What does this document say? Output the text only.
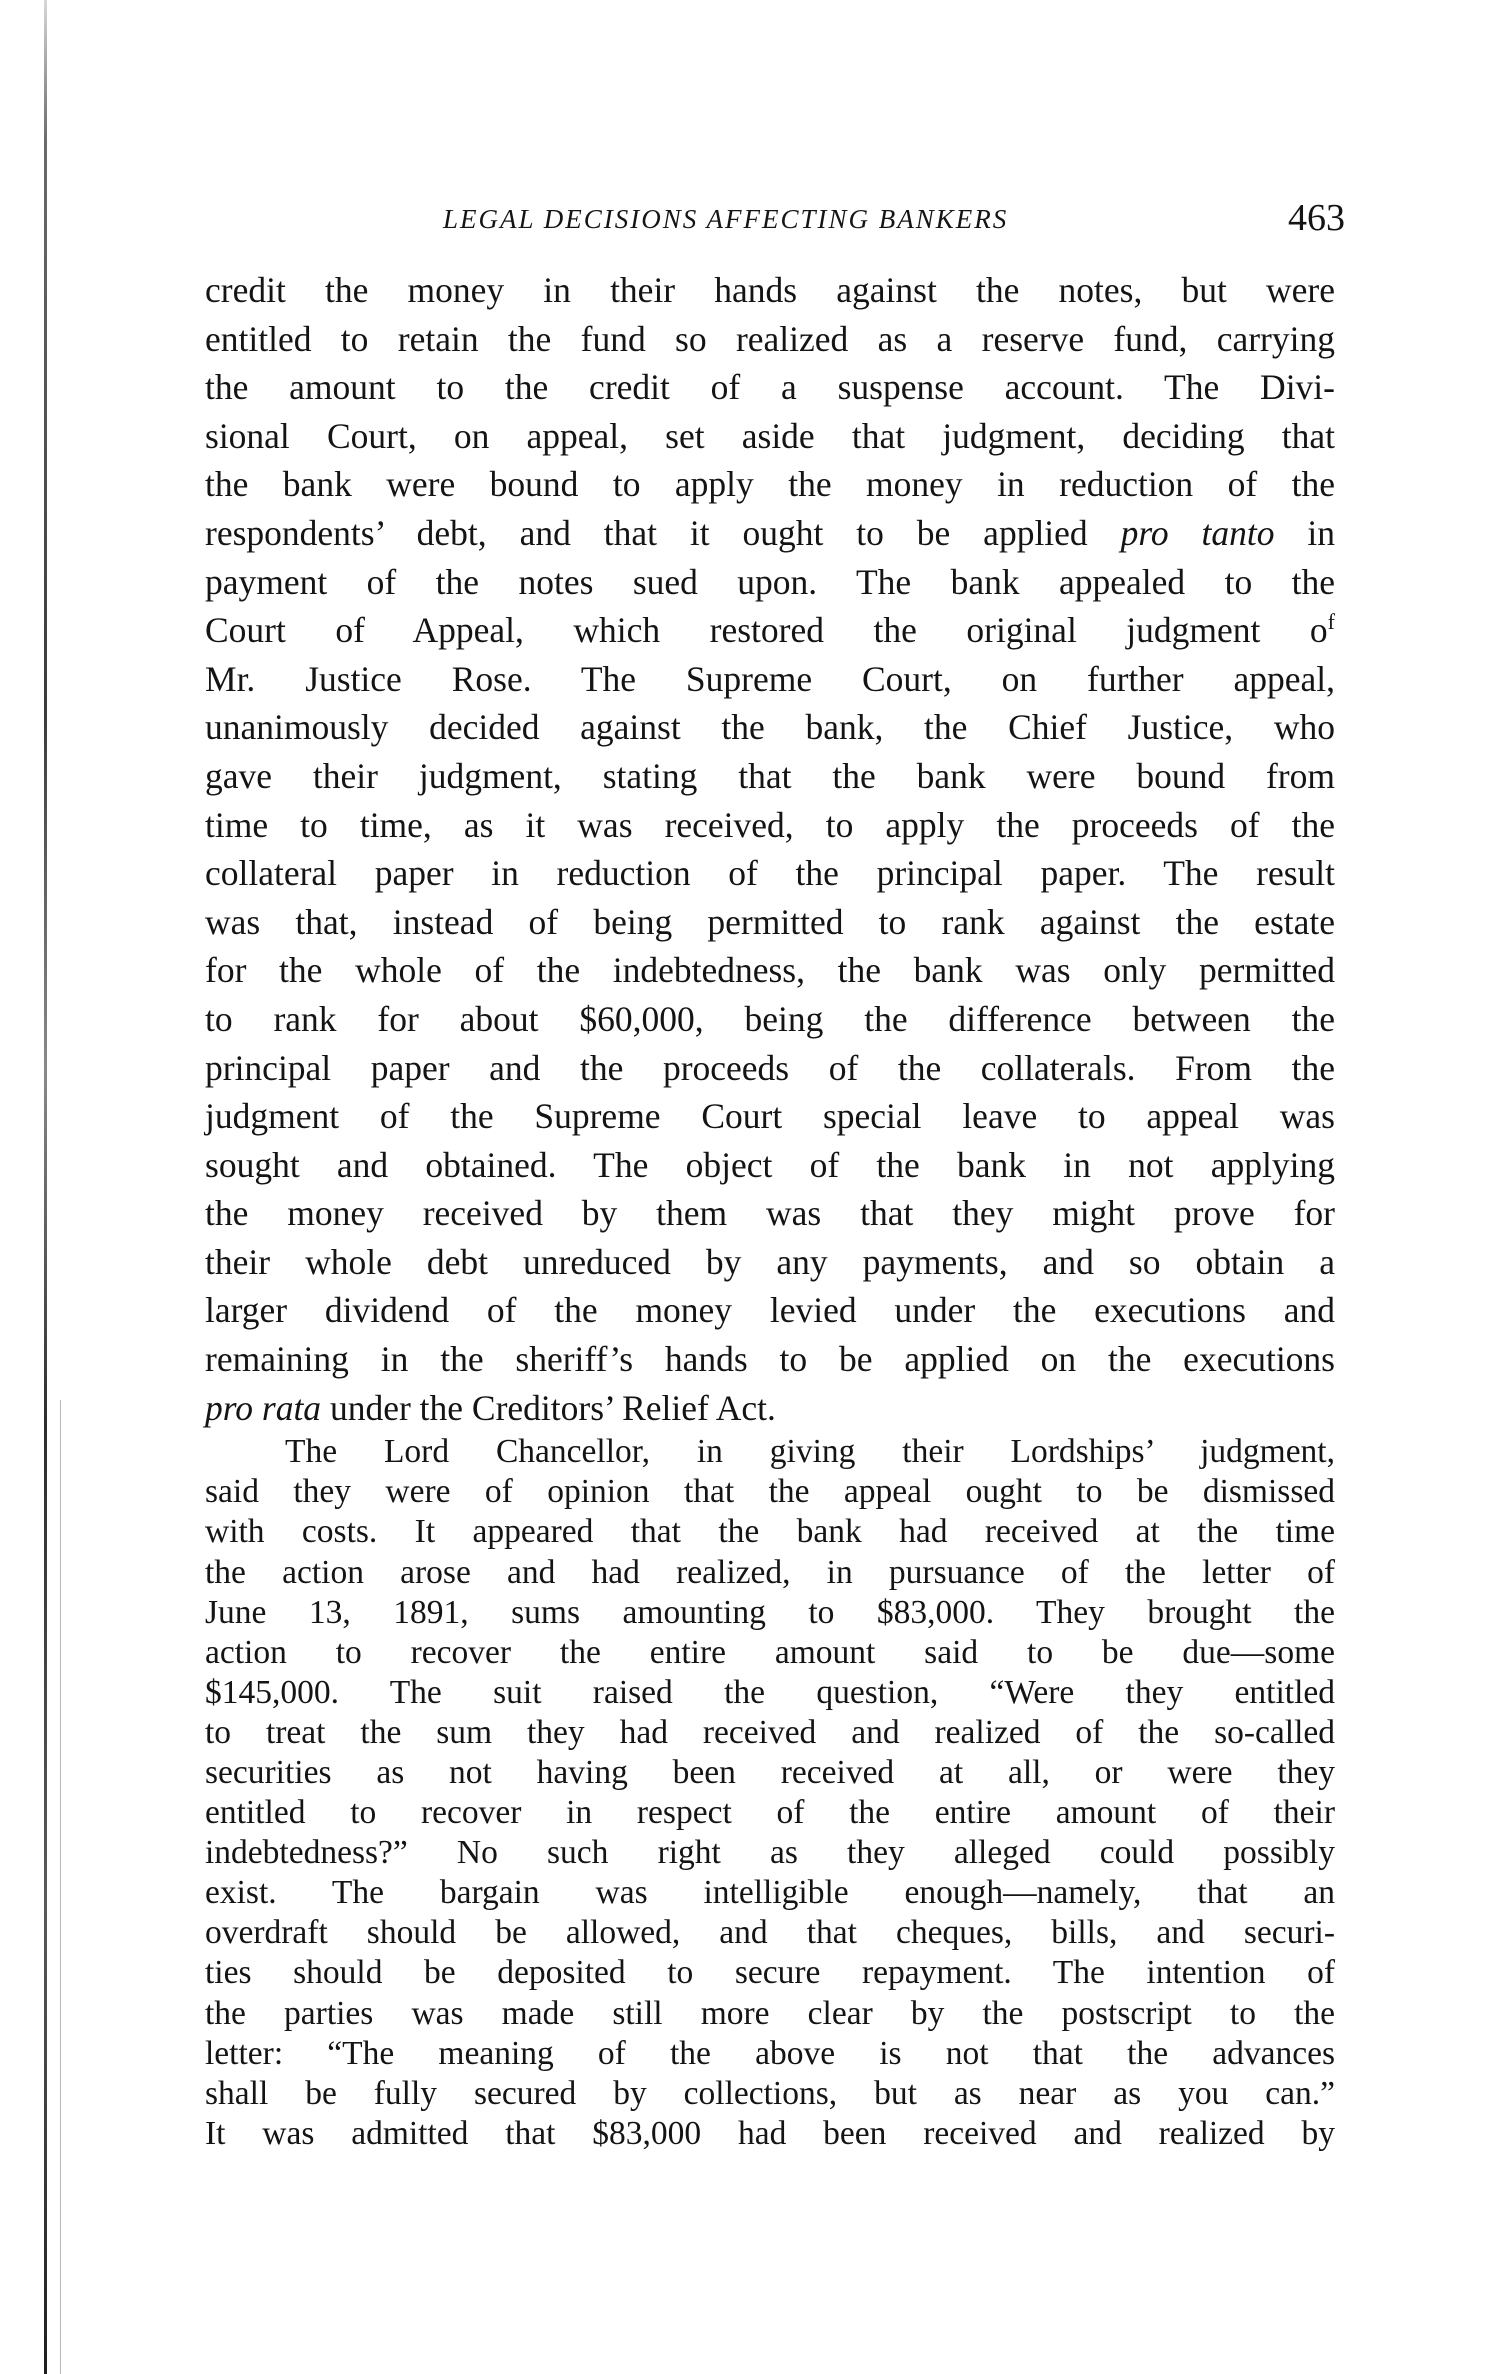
LEGAL DECISIONS AFFECTING BANKERS	463
credit the money in their hands against the notes, but were
entitled to retain the fund so realized as a reserve fund, carrying
the amount to the credit of a suspense account. The Divi-
sional Court, on appeal, set aside that judgment, deciding that
the bank were bound to apply the money in reduction of the
respondents’ debt, and that it ought to be applied pro tanto in
payment of the notes sued upon. The bank appealed to the
Court of Appeal, which restored the original judgment $o^f$
Mr. Justice Rose. The Supreme Court, on further appeal,
unanimously decided against the bank, the Chief Justice, who
gave their judgment, stating that the bank were bound from
time to time, as it was received, to apply the proceeds of the
collateral paper in reduction of the principal paper. The result
was that, instead of being permitted to rank against the estate
for the whole of the indebtedness, the bank was only permitted
to rank for about $60,000, being the difference between the
principal paper and the proceeds of the collaterals. From the
judgment of the Supreme Court special leave to appeal was
sought and obtained. The object of the bank in not applying
the money received by them was that they might prove for
their whole debt unreduced by any payments, and so obtain a
larger dividend of the money levied under the executions and
remaining in the sheriff’s hands to be applied on the executions
pro rata under the Creditors’ Relief Act.
The Lord Chancellor, in giving their Lordships’ judgment,
said they were of opinion that the appeal ought to be dismissed
with costs. It appeared that the bank had received at the time
the action arose and had realized, in pursuance of the letter of
June 13, 1891, sums amounting to $83,000. They brought the
action to recover the entire amount said to be due—some
$145,000. The suit raised the question, “Were they entitled
to treat the sum they had received and realized of the so-called
securities as not having been received at all, or were they
entitled to recover in respect of the entire amount of their
indebtedness?” No such right as they alleged could possibly
exist. The bargain was intelligible enough—namely, that an
overdraft should be allowed, and that cheques, bills, and securi-
ties should be deposited to secure repayment. The intention of
the parties was made still more clear by the postscript to the
letter: “The meaning of the above is not that the advances
shall be fully secured by collections, but as near as you can.”
It was admitted that $83,000 had been received and realized by
